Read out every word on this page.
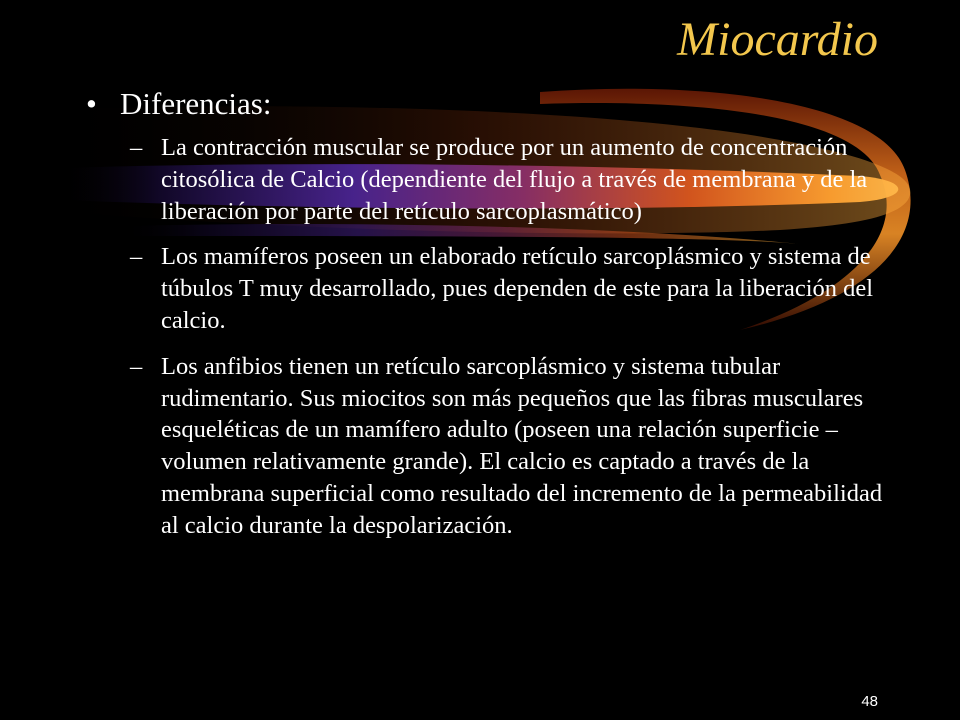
Miocardio
• Diferencias:
– La contracción muscular se produce por un aumento de concentración citosólica de Calcio (dependiente del flujo a través de membrana y de la liberación por parte del retículo sarcoplasmático)
– Los mamíferos poseen un elaborado retículo sarcoplásmico y sistema de túbulos T muy desarrollado, pues dependen de este para la liberación del calcio.
– Los anfibios tienen un retículo sarcoplásmico y sistema tubular rudimentario. Sus miocitos son más pequeños que las fibras musculares esqueléticas de un mamífero adulto (poseen una relación superficie –volumen relativamente grande). El calcio es captado a través de la membrana superficial como resultado del incremento de la permeabilidad al calcio durante la despolarización.
48
